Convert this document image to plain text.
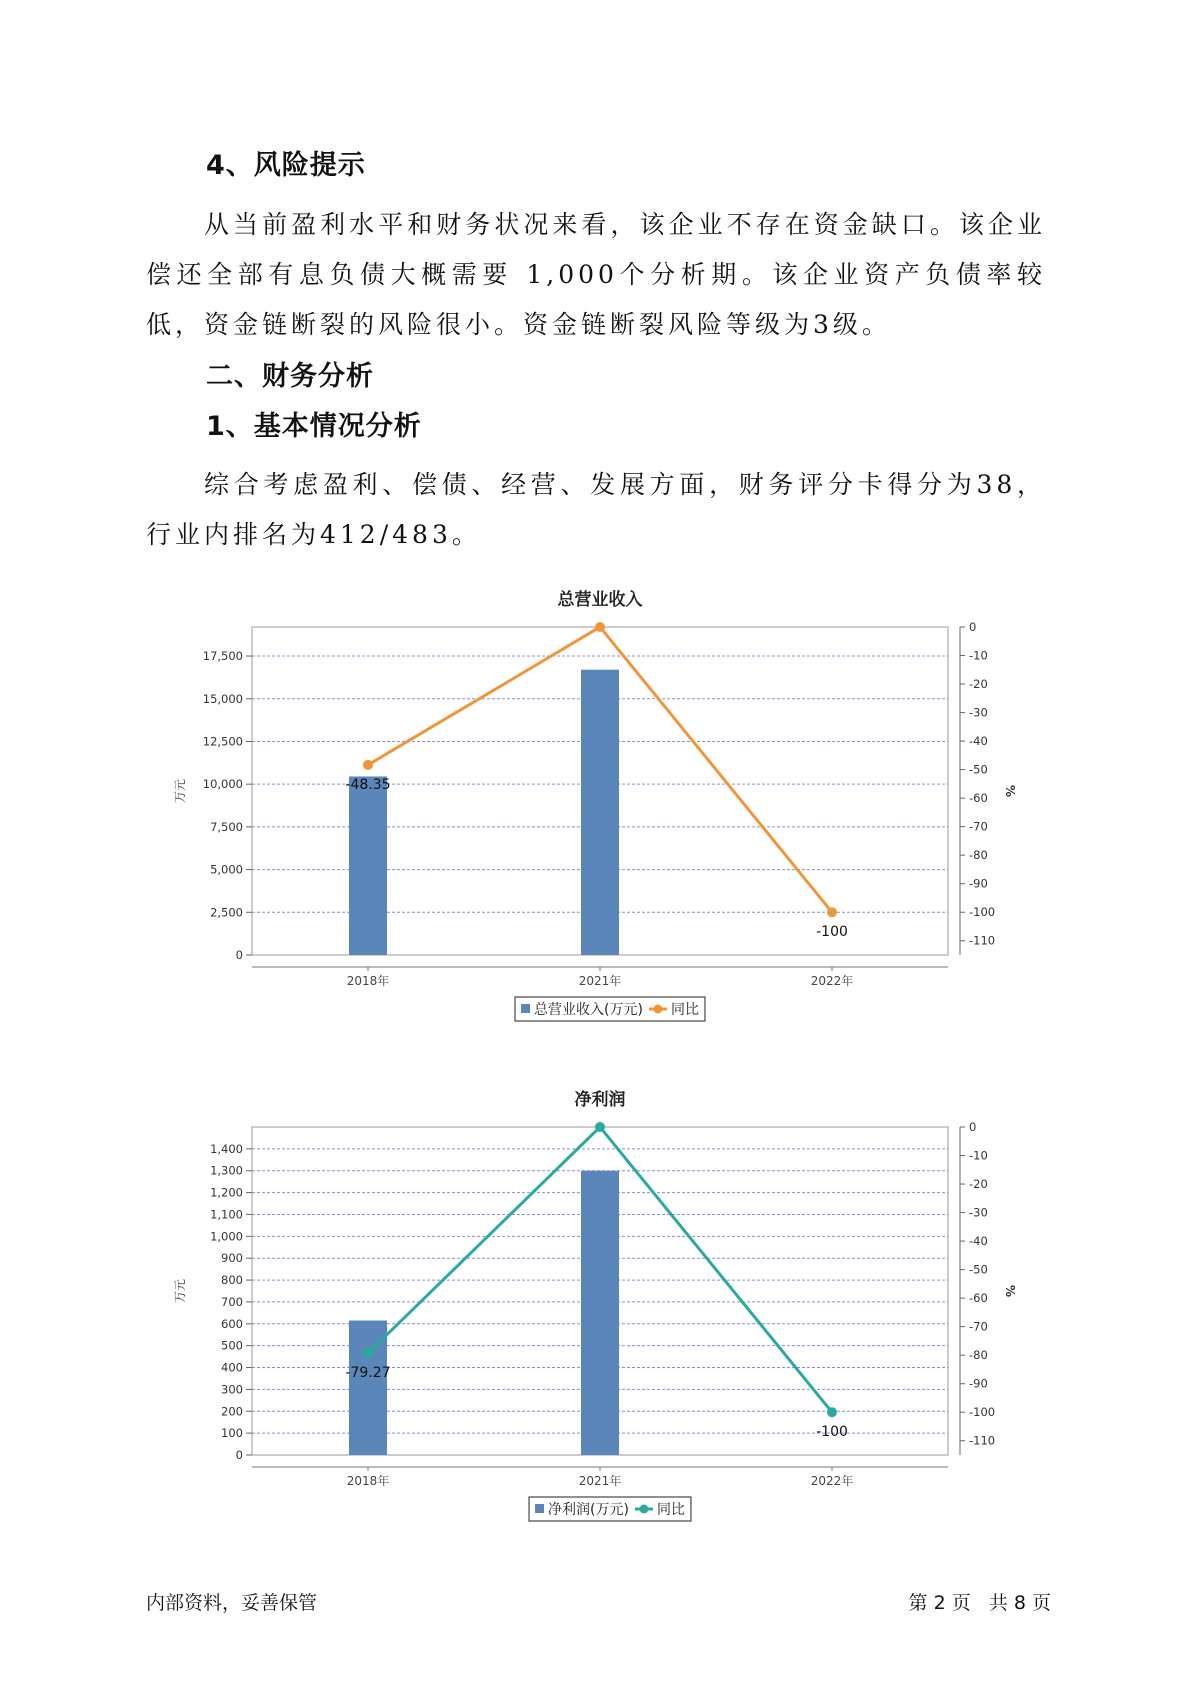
4、风险提示

从当前盈利水平和财务状况来看，该企业不存在资金缺口。该企业偿还全部有息负债大概需要 1,000个分析期。该企业资产负债率较低，资金链断裂的风险很小。资金链断裂风险等级为3级。

二、财务分析
1、基本情况分析

综合考虑盈利、偿债、经营、发展方面，财务评分卡得分为38，行业内排名为412/483。

总营业收入
0
2,500
5,000
7,500
10,000
12,500
15,000
17,500
万元
0
-10
-20
-30
-40
-50
-60
-70
-80
-90
-100
-110
%
2018年	2021年	2022年
-48.35
-100
总营业收入(万元) 同比
净利润
0
100
200
300
400
500
600
700
800
900
1,000
1,100
1,200
1,300
1,400
万元
0
-10
-20
-30
-40
-50
-60
-70
-80
-90
-100
-110
%
2018年	2021年	2022年
-79.27
-100
净利润(万元) 同比
内部资料，妥善保管	第 2 页   共 8 页
